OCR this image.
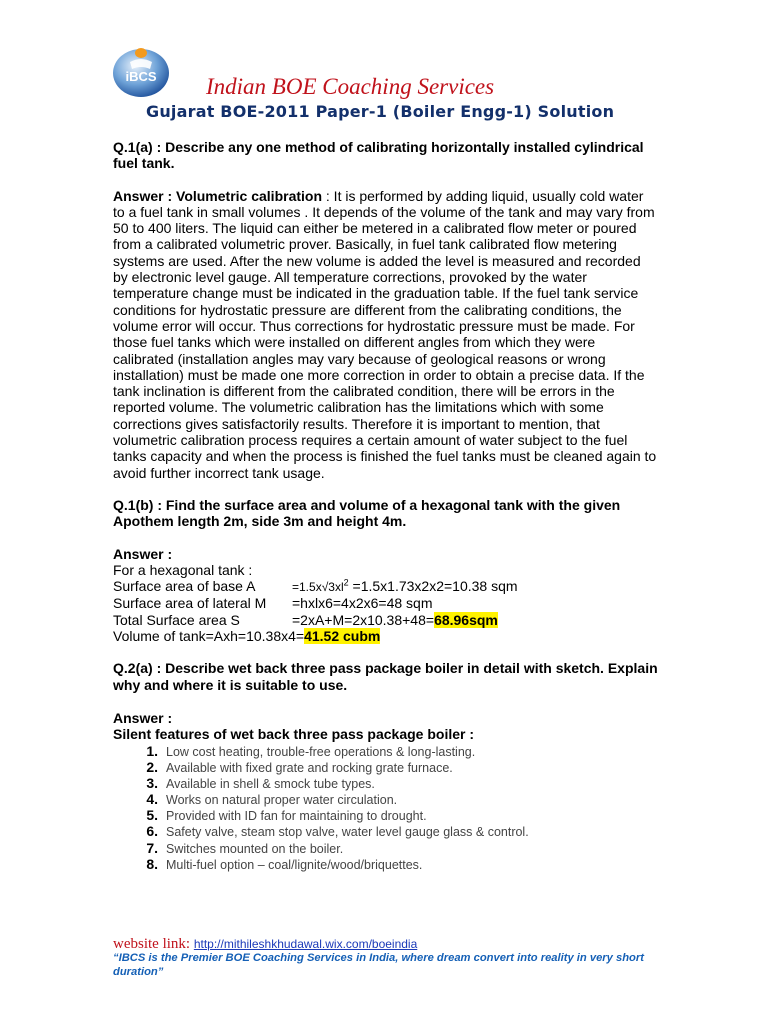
iBCS Indian BOE Coaching Services
Gujarat BOE-2011 Paper-1 (Boiler Engg-1) Solution

Q.1(a) : Describe any one method of calibrating horizontally installed cylindrical fuel tank.

Answer : Volumetric calibration : It is performed by adding liquid, usually cold water to a fuel tank in small volumes . It depends of the volume of the tank and may vary from 50 to 400 liters. The liquid can either be metered in a calibrated flow meter or poured from a calibrated volumetric prover. Basically, in fuel tank calibrated flow metering systems are used. After the new volume is added the level is measured and recorded by electronic level gauge. All temperature corrections, provoked by the water temperature change must be indicated in the graduation table. If the fuel tank service conditions for hydrostatic pressure are different from the calibrating conditions, the volume error will occur. Thus corrections for hydrostatic pressure must be made. For those fuel tanks which were installed on different angles from which they were calibrated (installation angles may vary because of geological reasons or wrong installation) must be made one more correction in order to obtain a precise data. If the tank inclination is different from the calibrated condition, there will be errors in the reported volume. The volumetric calibration has the limitations which with some corrections gives satisfactorily results. Therefore it is important to mention, that volumetric calibration process requires a certain amount of water subject to the fuel tanks capacity and when the process is finished the fuel tanks must be cleaned again to avoid further incorrect tank usage.

Q.1(b) : Find the surface area and volume of a hexagonal tank with the given Apothem length 2m, side 3m and height 4m.

Answer :

For a hexagonal tank :

Surface area of base A	$=1.5x√3xl^2 =1.5x1.73x2x2=10.38$ sqm
Surface area of lateral M	=hxlx6=4x2x6=48 sqm
Total Surface area S	=2xA+M=2x10.38+48=68.96sqm

Volume of tank=Axh=10.38x4=41.52 cubm

Q.2(a) : Describe wet back three pass package boiler in detail with sketch. Explain why and where it is suitable to use.

Answer :

Silent features of wet back three pass package boiler :

1. Low cost heating, trouble-free operations & long-lasting.
2. Available with fixed grate and rocking grate furnace.
3. Available in shell & smock tube types.
4. Works on natural proper water circulation.
5. Provided with ID fan for maintaining to drought.
6. Safety valve, steam stop valve, water level gauge glass & control.
7. Switches mounted on the boiler.
8. Multi-fuel option – coal/lignite/wood/briquettes.
website link: http://mithileshkhudawal.wix.com/boeindia
“IBCS is the Premier BOE Coaching Services in India, where dream convert into reality in very short duration”
